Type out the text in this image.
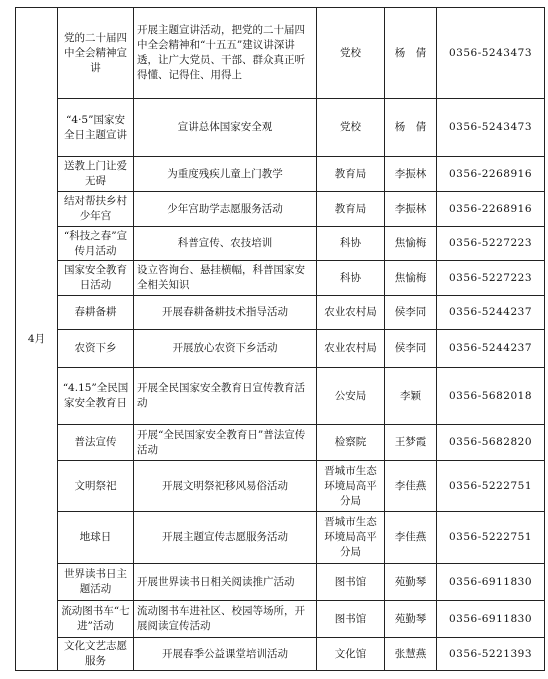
4月	党的二十届四中全会精神宣讲	开展主题宣讲活动，把党的二十届四中全会精神和“十五五”建议讲深讲透，让广大党员、干部、群众真正听得懂、记得住、用得上	党校	杨　倩	0356-5243473
	“4·5”国家安全日主题宣讲	宣讲总体国家安全观	党校	杨　倩	0356-5243473
	送教上门让爱无碍	为重度残疾儿童上门教学	教育局	李振林	0356-2268916
	结对帮扶乡村少年宫	少年宫助学志愿服务活动	教育局	李振林	0356-2268916
	“科技之春”宣传月活动	科普宣传、农技培训	科协	焦愉梅	0356-5227223
	国家安全教育日活动	设立咨询台、悬挂横幅，科普国家安全相关知识	科协	焦愉梅	0356-5227223
	春耕备耕	开展春耕备耕技术指导活动	农业农村局	侯李同	0356-5244237
	农资下乡	开展放心农资下乡活动	农业农村局	侯李同	0356-5244237
	“4.15”全民国家安全教育日	开展全民国家安全教育日宣传教育活动	公安局	李颖	0356-5682018
	普法宣传	开展“全民国家安全教育日”普法宣传活动	检察院	王梦霞	0356-5682820
	文明祭祀	开展文明祭祀移风易俗活动	晋城市生态环境局高平分局	李佳燕	0356-5222751
	地球日	开展主题宣传志愿服务活动	晋城市生态环境局高平分局	李佳燕	0356-5222751
	世界读书日主题活动	开展世界读书日相关阅读推广活动	图书馆	苑勤琴	0356-6911830
	流动图书车“七进”活动	流动图书车进社区、校园等场所，开展阅读宣传活动	图书馆	苑勤琴	0356-6911830
	文化文艺志愿服务	开展春季公益课堂培训活动	文化馆	张慧燕	0356-5221393
